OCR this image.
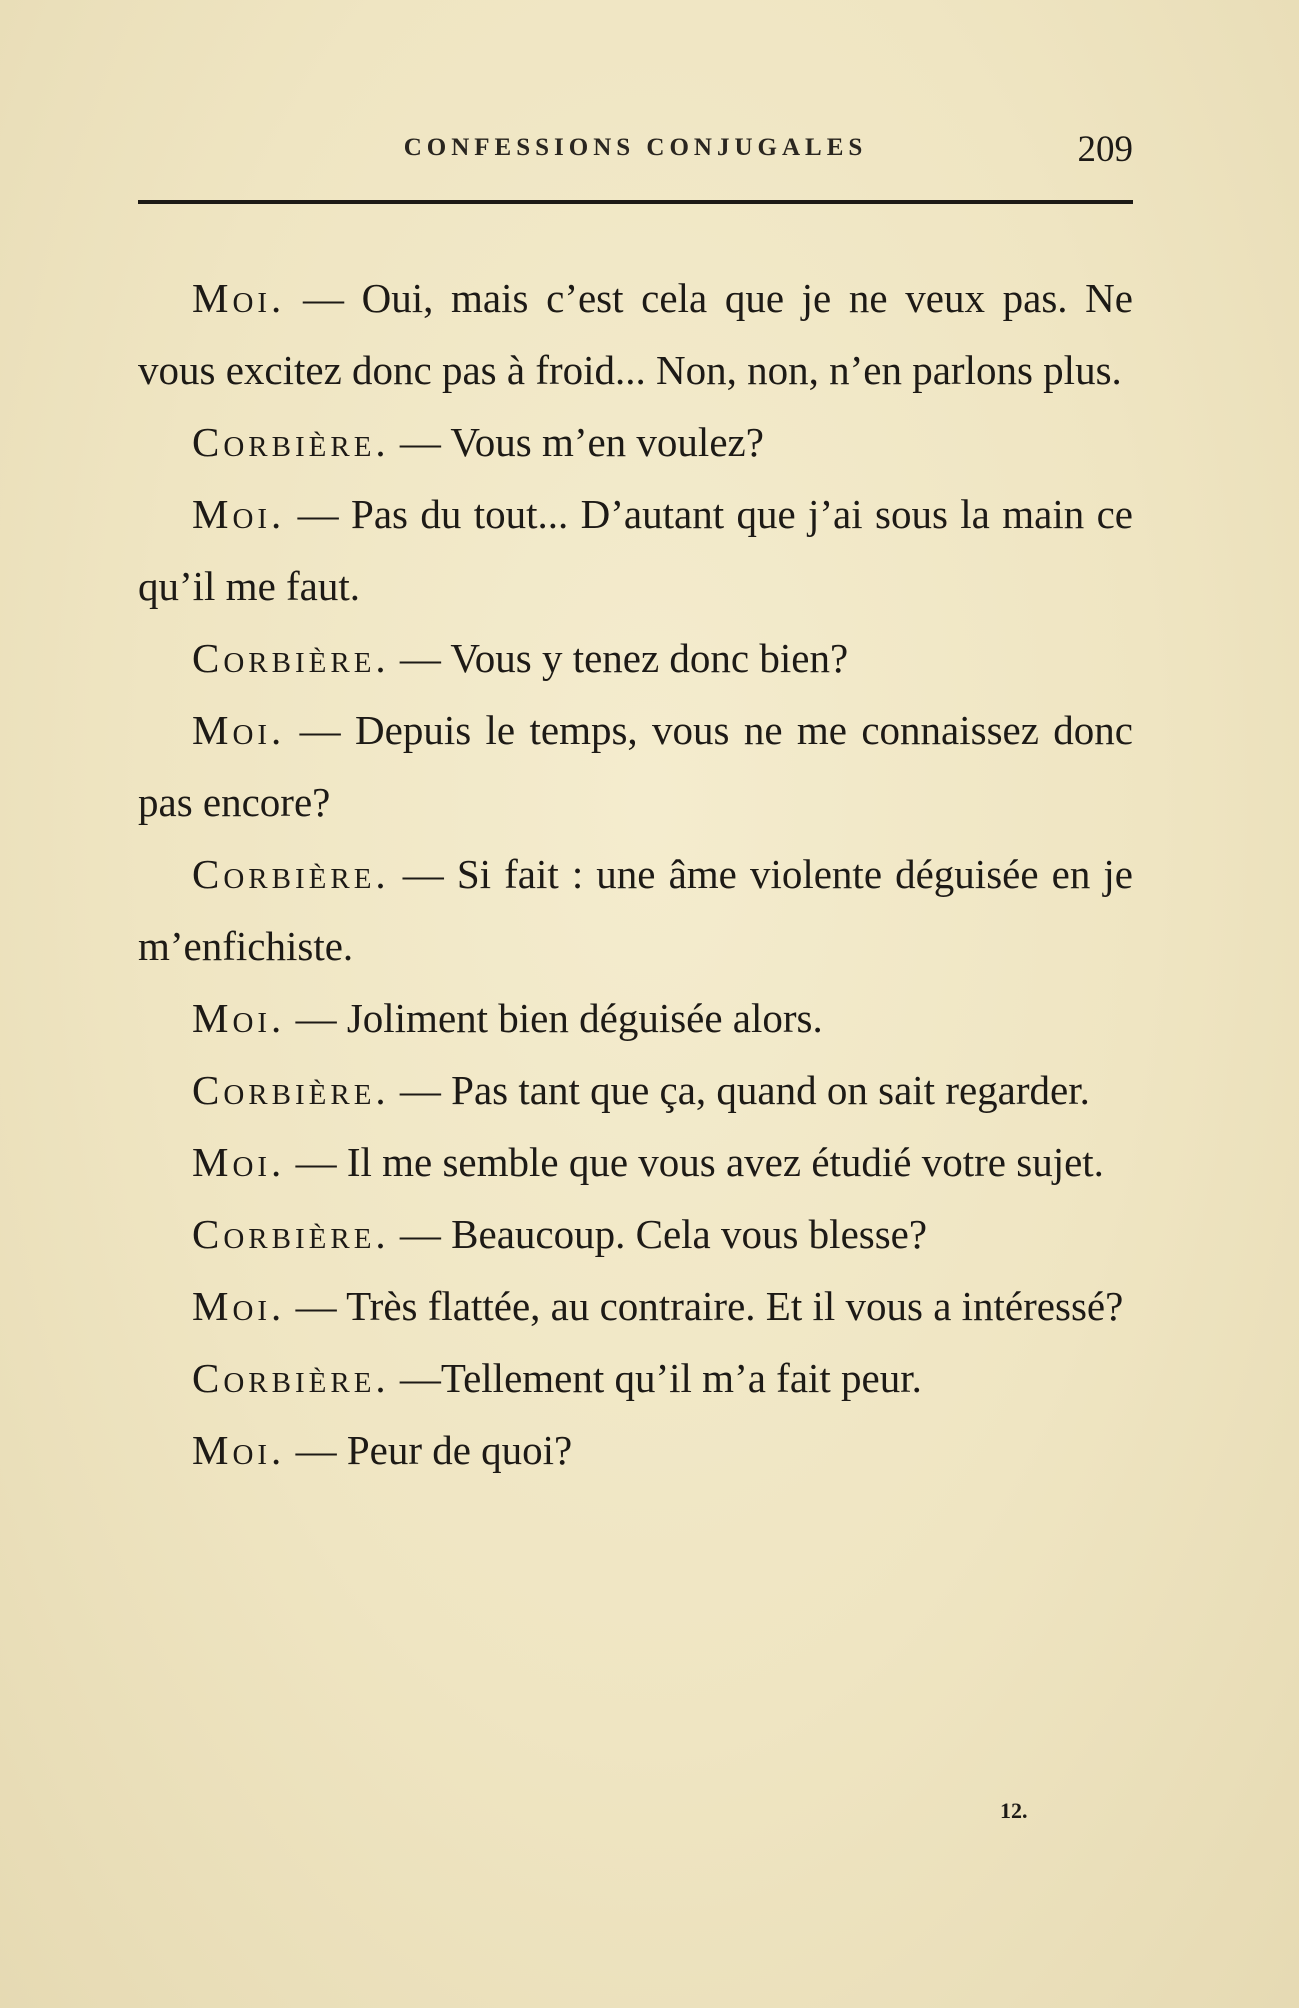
CONFESSIONS CONJUGALES	209

Moi. — Oui, mais c’est cela que je ne veux pas. Ne vous excitez donc pas à froid... Non, non, n’en parlons plus.

Corbière. — Vous m’en voulez?

Moi. — Pas du tout... D’autant que j’ai sous la main ce qu’il me faut.

Corbière. — Vous y tenez donc bien?

Moi. — Depuis le temps, vous ne me connaissez donc pas encore?

Corbière. — Si fait : une âme violente déguisée en je m’enfichiste.

Moi. — Joliment bien déguisée alors.

Corbière. — Pas tant que ça, quand on sait regarder.

Moi. — Il me semble que vous avez étudié votre sujet.

Corbière. — Beaucoup. Cela vous blesse?

Moi. — Très flattée, au contraire. Et il vous a intéressé?

Corbière. —Tellement qu’il m’a fait peur.

Moi. — Peur de quoi?

12.
